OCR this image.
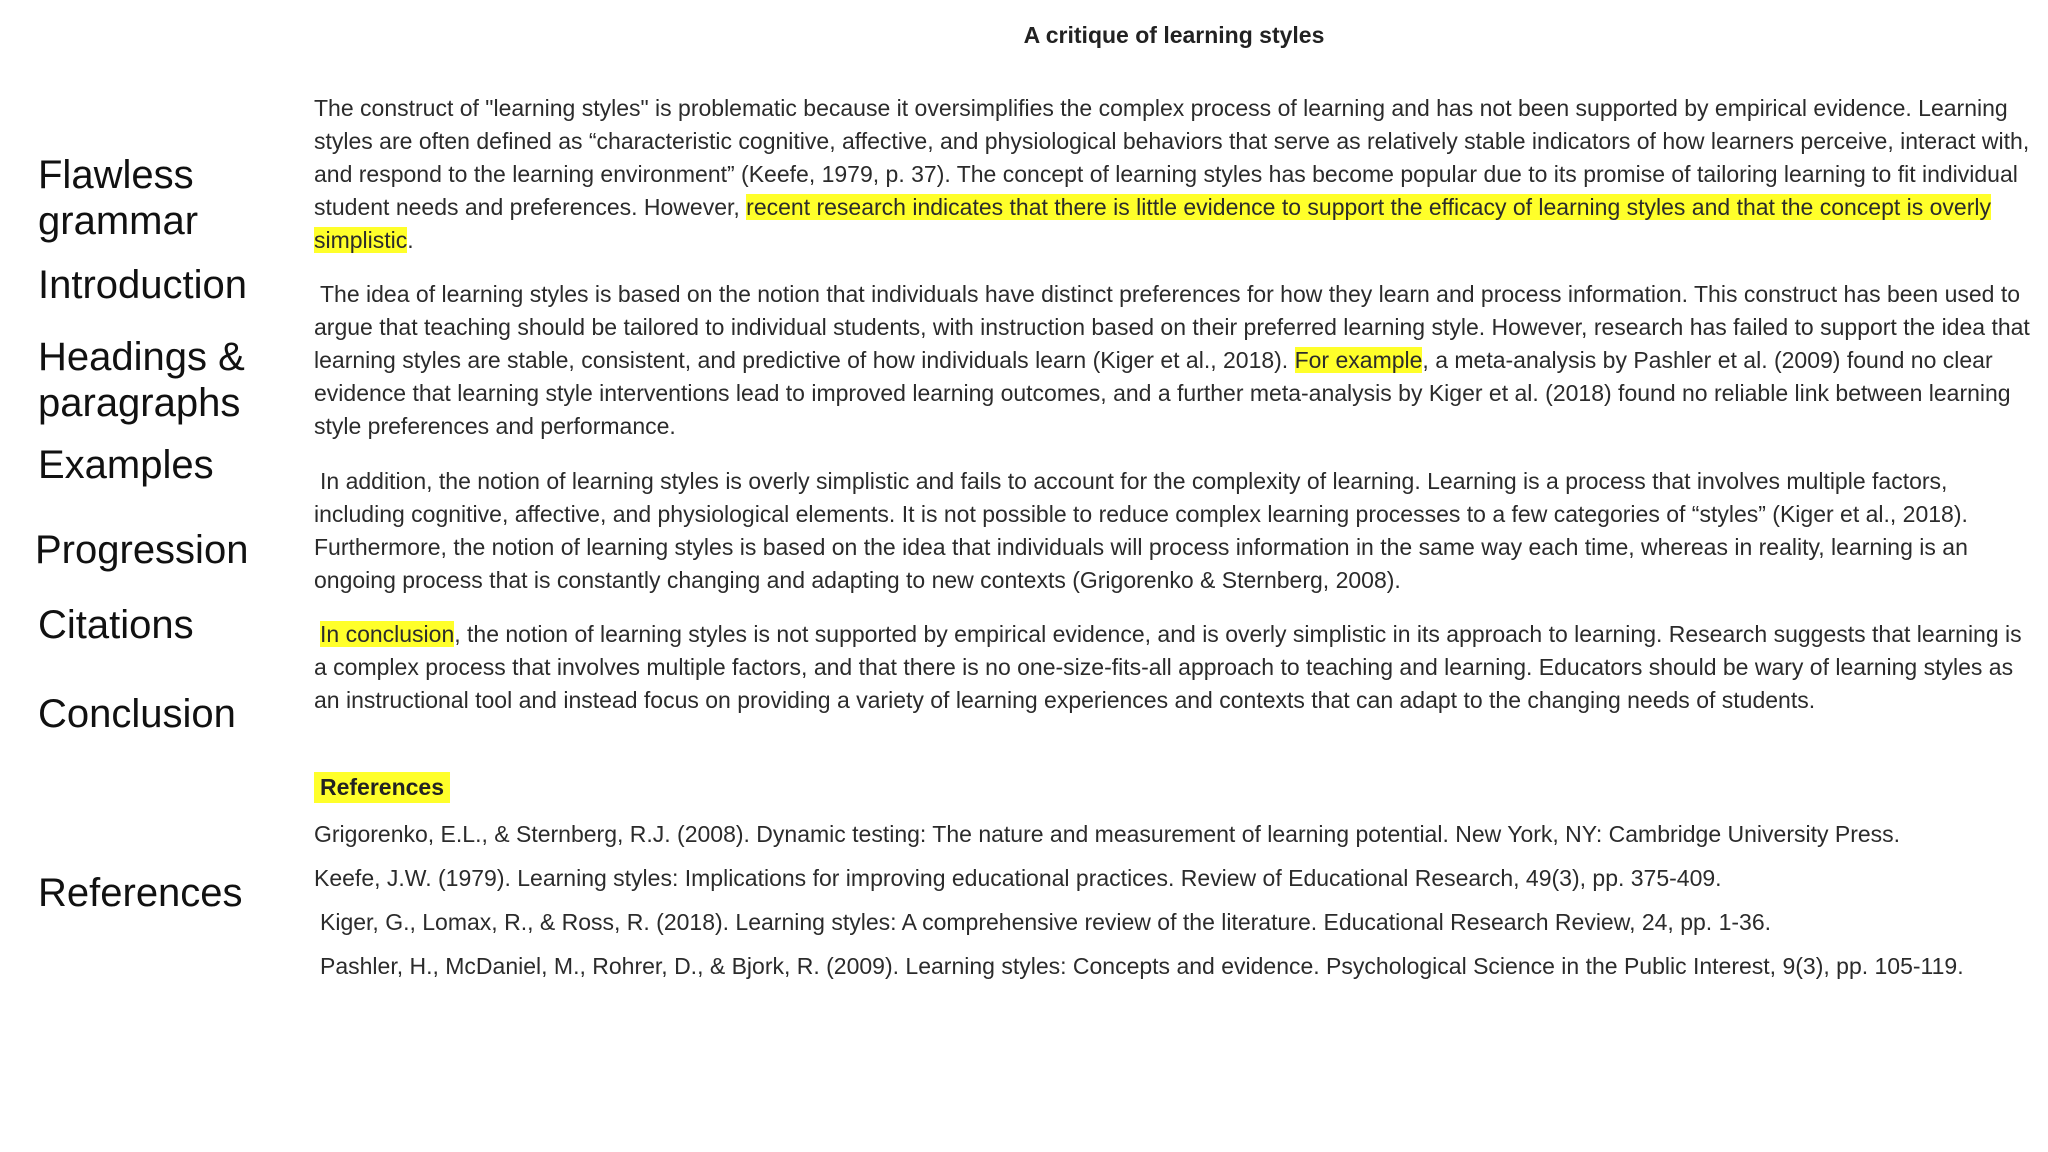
Flawless grammar

Introduction

Headings & paragraphs

Examples

Progression

Citations

Conclusion

References

A critique of learning styles

The construct of "learning styles" is problematic because it oversimplifies the complex process of learning and has not been supported by empirical evidence. Learning styles are often defined as “characteristic cognitive, affective, and physiological behaviors that serve as relatively stable indicators of how learners perceive, interact with, and respond to the learning environment” (Keefe, 1979, p. 37). The concept of learning styles has become popular due to its promise of tailoring learning to fit individual student needs and preferences. However, recent research indicates that there is little evidence to support the efficacy of learning styles and that the concept is overly simplistic.

The idea of learning styles is based on the notion that individuals have distinct preferences for how they learn and process information. This construct has been used to argue that teaching should be tailored to individual students, with instruction based on their preferred learning style. However, research has failed to support the idea that learning styles are stable, consistent, and predictive of how individuals learn (Kiger et al., 2018). For example, a meta-analysis by Pashler et al. (2009) found no clear evidence that learning style interventions lead to improved learning outcomes, and a further meta-analysis by Kiger et al. (2018) found no reliable link between learning style preferences and performance.

In addition, the notion of learning styles is overly simplistic and fails to account for the complexity of learning. Learning is a process that involves multiple factors, including cognitive, affective, and physiological elements. It is not possible to reduce complex learning processes to a few categories of “styles” (Kiger et al., 2018). Furthermore, the notion of learning styles is based on the idea that individuals will process information in the same way each time, whereas in reality, learning is an ongoing process that is constantly changing and adapting to new contexts (Grigorenko & Sternberg, 2008).

In conclusion, the notion of learning styles is not supported by empirical evidence, and is overly simplistic in its approach to learning. Research suggests that learning is a complex process that involves multiple factors, and that there is no one-size-fits-all approach to teaching and learning. Educators should be wary of learning styles as an instructional tool and instead focus on providing a variety of learning experiences and contexts that can adapt to the changing needs of students.

References

Grigorenko, E.L., & Sternberg, R.J. (2008). Dynamic testing: The nature and measurement of learning potential. New York, NY: Cambridge University Press.

Keefe, J.W. (1979). Learning styles: Implications for improving educational practices. Review of Educational Research, 49(3), pp. 375-409.

Kiger, G., Lomax, R., & Ross, R. (2018). Learning styles: A comprehensive review of the literature. Educational Research Review, 24, pp. 1-36.

Pashler, H., McDaniel, M., Rohrer, D., & Bjork, R. (2009). Learning styles: Concepts and evidence. Psychological Science in the Public Interest, 9(3), pp. 105-119.
